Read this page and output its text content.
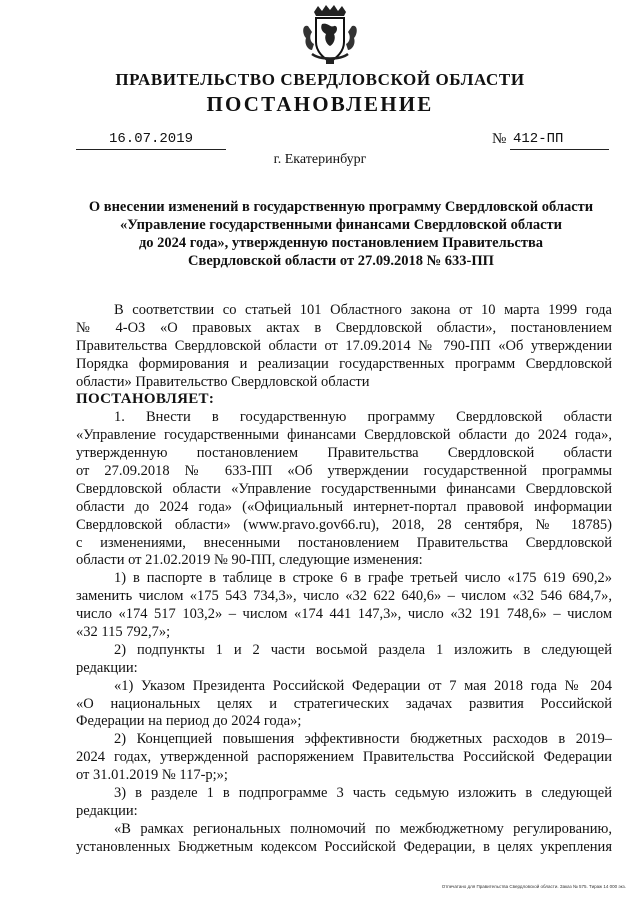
ПРАВИТЕЛЬСТВО СВЕРДЛОВСКОЙ ОБЛАСТИ
ПОСТАНОВЛЕНИЕ
16.07.2019	№ 412-ПП
г. Екатеринбург
О внесении изменений в государственную программу Свердловской области
«Управление государственными финансами Свердловской области
до 2024 года», утвержденную постановлением Правительства
Свердловской области от 27.09.2018 № 633-ПП
В соответствии со статьей 101 Областного закона от 10 марта 1999 года
№ 4-ОЗ «О правовых актах в Свердловской области», постановлением
Правительства Свердловской области от 17.09.2014 № 790-ПП «Об утверждении
Порядка формирования и реализации государственных программ Свердловской
области» Правительство Свердловской области
ПОСТАНОВЛЯЕТ:
1. Внести в государственную программу Свердловской области
«Управление государственными финансами Свердловской области до 2024 года»,
утвержденную постановлением Правительства Свердловской области
от 27.09.2018 № 633-ПП «Об утверждении государственной программы
Свердловской области «Управление государственными финансами Свердловской
области до 2024 года» («Официальный интернет-портал правовой информации
Свердловской области» (www.pravo.gov66.ru), 2018, 28 сентября, № 18785)
с изменениями, внесенными постановлением Правительства Свердловской
области от 21.02.2019 № 90-ПП, следующие изменения:
1) в паспорте в таблице в строке 6 в графе третьей число «175 619 690,2»
заменить числом «175 543 734,3», число «32 622 640,6» – числом «32 546 684,7»,
число «174 517 103,2» – числом «174 441 147,3», число «32 191 748,6» – числом
«32 115 792,7»;
2) подпункты 1 и 2 части восьмой раздела 1 изложить в следующей
редакции:
«1) Указом Президента Российской Федерации от 7 мая 2018 года № 204
«О национальных целях и стратегических задачах развития Российской
Федерации на период до 2024 года»;
2) Концепцией повышения эффективности бюджетных расходов в 2019–
2024 годах, утвержденной распоряжением Правительства Российской Федерации
от 31.01.2019 № 117-р;»;
3) в разделе 1 в подпрограмме 3 часть седьмую изложить в следующей
редакции:
«В рамках региональных полномочий по межбюджетному регулированию,
установленных Бюджетным кодексом Российской Федерации, в целях укрепления
Отпечатано для Правительства Свердловской области. Заказ № 575. Тираж 14 000 экз.
